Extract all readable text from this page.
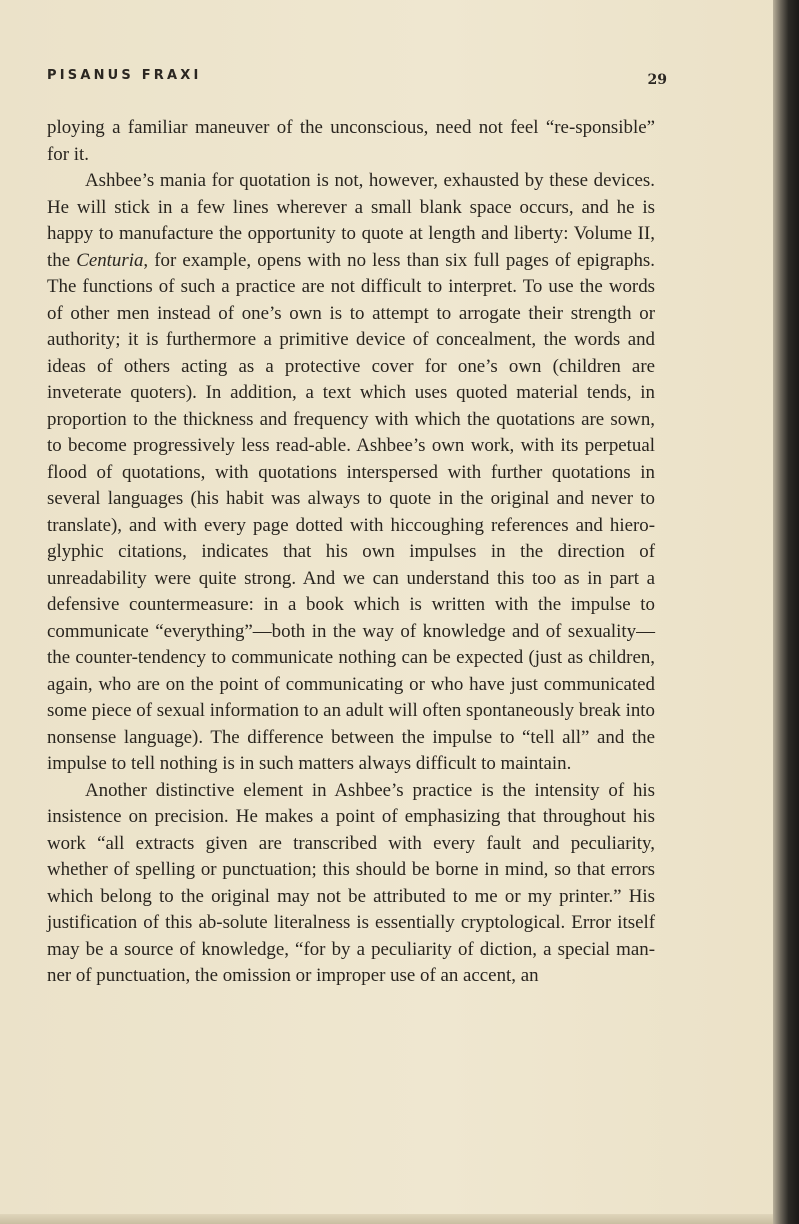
PISANUS FRAXI	29

ploying a familiar maneuver of the unconscious, need not feel “re-sponsible” for it.

Ashbee’s mania for quotation is not, however, exhausted by these devices. He will stick in a few lines wherever a small blank space occurs, and he is happy to manufacture the opportunity to quote at length and liberty: Volume II, the Centuria, for example, opens with no less than six full pages of epigraphs. The functions of such a practice are not difficult to interpret. To use the words of other men instead of one’s own is to attempt to arrogate their strength or authority; it is furthermore a primitive device of concealment, the words and ideas of others acting as a protective cover for one’s own (children are inveterate quoters). In addition, a text which uses quoted material tends, in proportion to the thickness and frequency with which the quotations are sown, to become progressively less read-able. Ashbee’s own work, with its perpetual flood of quotations, with quotations interspersed with further quotations in several languages (his habit was always to quote in the original and never to translate), and with every page dotted with hiccoughing references and hiero-glyphic citations, indicates that his own impulses in the direction of unreadability were quite strong. And we can understand this too as in part a defensive countermeasure: in a book which is written with the impulse to communicate “everything”—both in the way of knowledge and of sexuality—the counter-tendency to communicate nothing can be expected (just as children, again, who are on the point of communicating or who have just communicated some piece of sexual information to an adult will often spontaneously break into nonsense language). The difference between the impulse to “tell all” and the impulse to tell nothing is in such matters always difficult to maintain.

Another distinctive element in Ashbee’s practice is the intensity of his insistence on precision. He makes a point of emphasizing that throughout his work “all extracts given are transcribed with every fault and peculiarity, whether of spelling or punctuation; this should be borne in mind, so that errors which belong to the original may not be attributed to me or my printer.” His justification of this ab-solute literalness is essentially cryptological. Error itself may be a source of knowledge, “for by a peculiarity of diction, a special man-ner of punctuation, the omission or improper use of an accent, an
